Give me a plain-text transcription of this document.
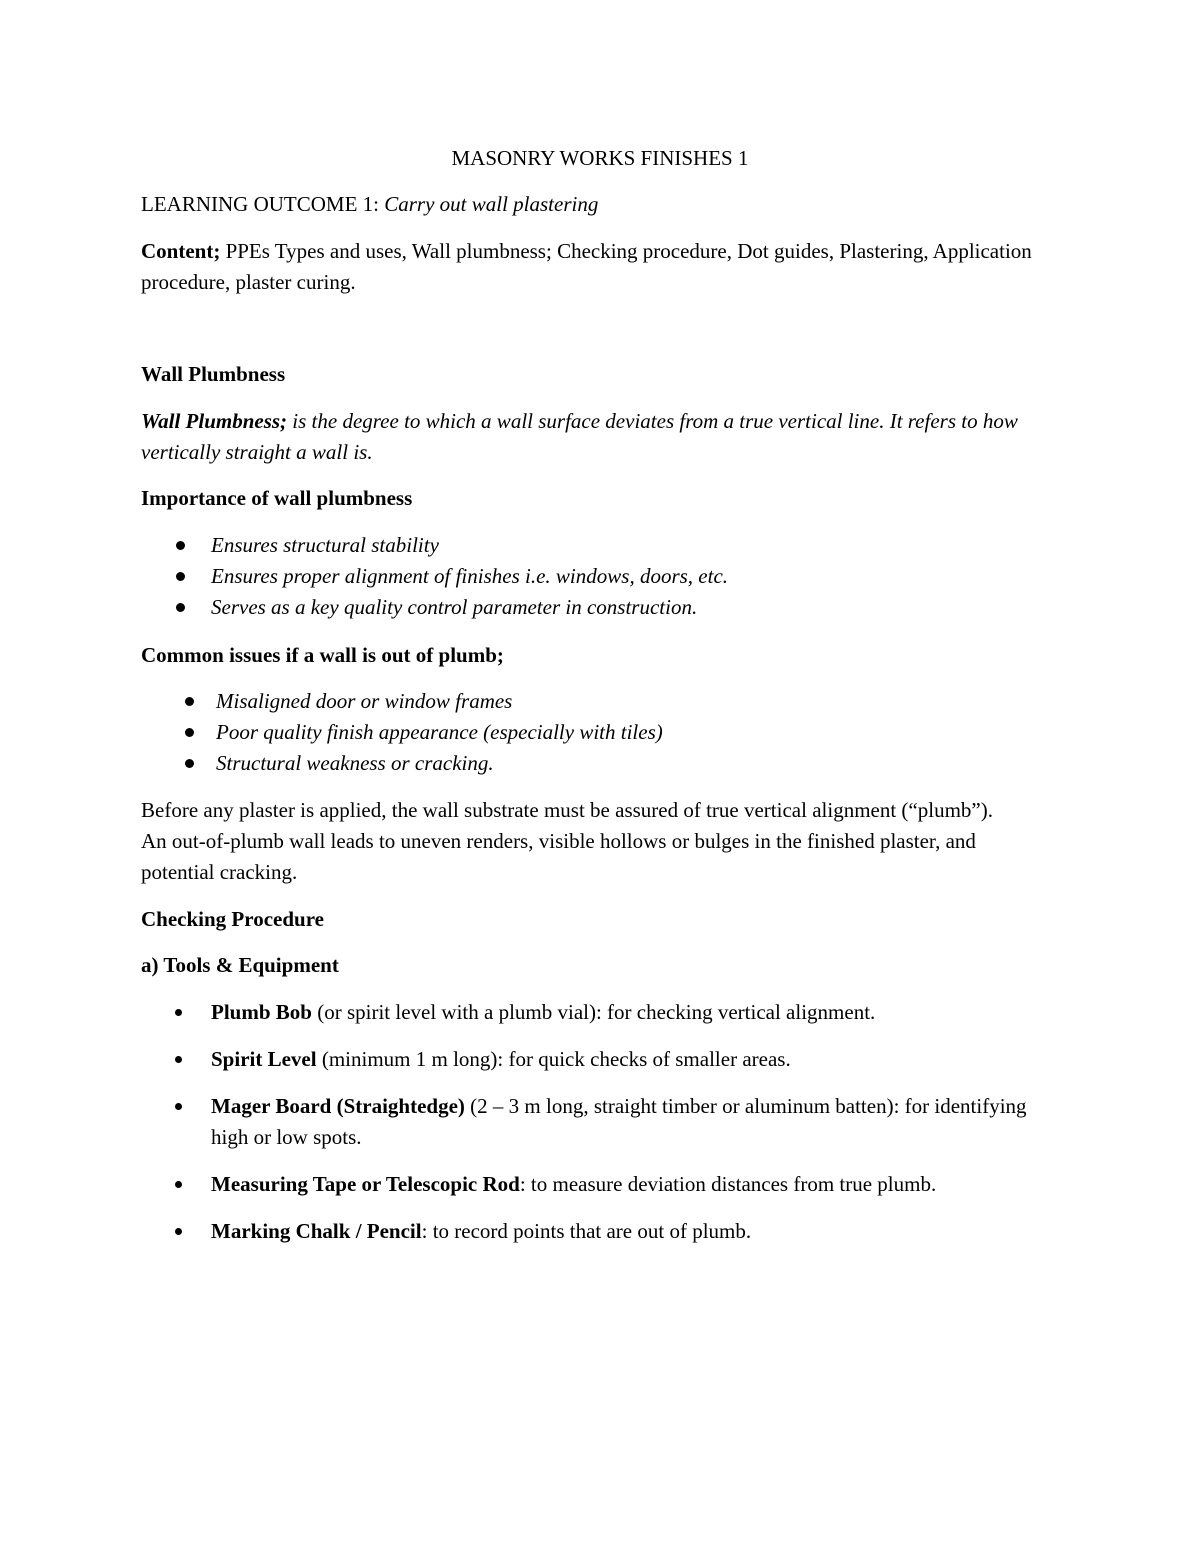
MASONRY WORKS FINISHES 1
LEARNING OUTCOME 1: Carry out wall plastering
Content; PPEs Types and uses, Wall plumbness; Checking procedure, Dot guides, Plastering, Application procedure, plaster curing.
Wall Plumbness
Wall Plumbness; is the degree to which a wall surface deviates from a true vertical line. It refers to how vertically straight a wall is.
Importance of wall plumbness
Ensures structural stability
Ensures proper alignment of finishes i.e. windows, doors, etc.
Serves as a key quality control parameter in construction.
Common issues if a wall is out of plumb;
Misaligned door or window frames
Poor quality finish appearance (especially with tiles)
Structural weakness or cracking.
Before any plaster is applied, the wall substrate must be assured of true vertical alignment (“plumb”). An out-of-plumb wall leads to uneven renders, visible hollows or bulges in the finished plaster, and potential cracking.
Checking Procedure
a) Tools & Equipment
Plumb Bob (or spirit level with a plumb vial): for checking vertical alignment.
Spirit Level (minimum 1 m long): for quick checks of smaller areas.
Mager Board (Straightedge) (2 – 3 m long, straight timber or aluminum batten): for identifying high or low spots.
Measuring Tape or Telescopic Rod: to measure deviation distances from true plumb.
Marking Chalk / Pencil: to record points that are out of plumb.
